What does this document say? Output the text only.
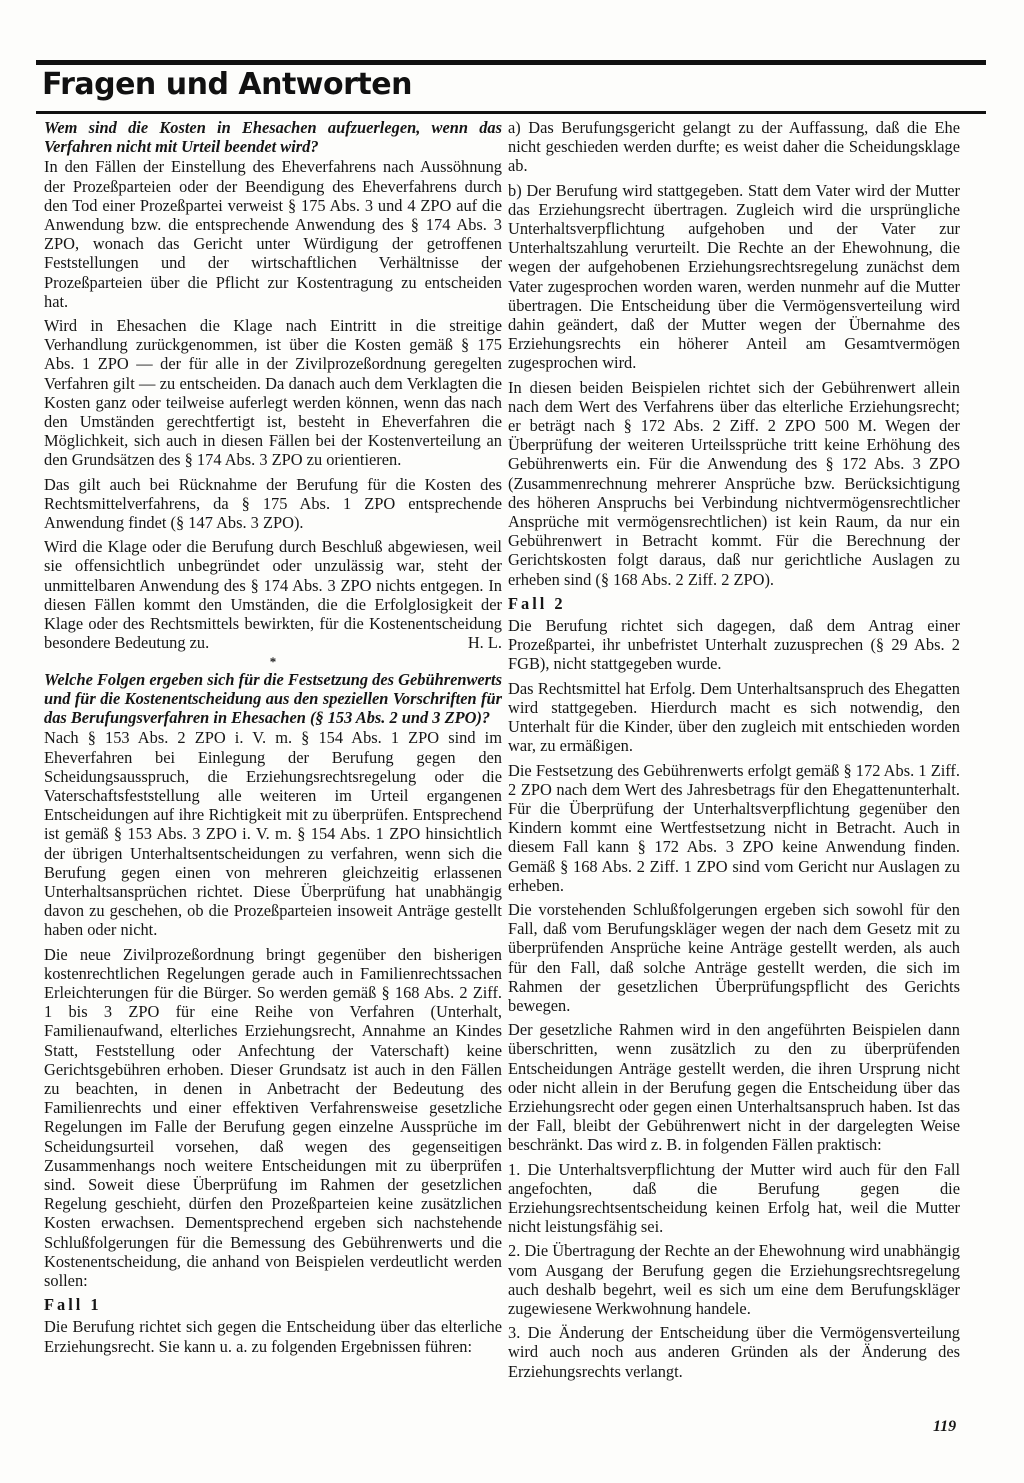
Fragen und Antworten

Wem sind die Kosten in Ehesachen aufzuerlegen, wenn das Verfahren nicht mit Urteil beendet wird?

In den Fällen der Einstellung des Eheverfahrens nach Aussöhnung der Prozeßparteien oder der Beendigung des Eheverfahrens durch den Tod einer Prozeßpartei verweist § 175 Abs. 3 und 4 ZPO auf die Anwendung bzw. die entsprechende Anwendung des § 174 Abs. 3 ZPO, wonach das Gericht unter Würdigung der getroffenen Feststellungen und der wirtschaftlichen Verhältnisse der Prozeßparteien über die Pflicht zur Kostentragung zu entscheiden hat.

Wird in Ehesachen die Klage nach Eintritt in die streitige Verhandlung zurückgenommen, ist über die Kosten gemäß § 175 Abs. 1 ZPO — der für alle in der Zivilprozeßordnung geregelten Verfahren gilt — zu entscheiden. Da danach auch dem Verklagten die Kosten ganz oder teilweise auferlegt werden können, wenn das nach den Umständen gerechtfertigt ist, besteht in Eheverfahren die Möglichkeit, sich auch in diesen Fällen bei der Kostenverteilung an den Grundsätzen des § 174 Abs. 3 ZPO zu orientieren.

Das gilt auch bei Rücknahme der Berufung für die Kosten des Rechtsmittelverfahrens, da § 175 Abs. 1 ZPO entsprechende Anwendung findet (§ 147 Abs. 3 ZPO).

Wird die Klage oder die Berufung durch Beschluß abgewiesen, weil sie offensichtlich unbegründet oder unzulässig war, steht der unmittelbaren Anwendung des § 174 Abs. 3 ZPO nichts entgegen. In diesen Fällen kommt den Umständen, die die Erfolglosigkeit der Klage oder des Rechtsmittels bewirkten, für die Kostenentscheidung besondere Bedeutung zu.	H. L.

*

Welche Folgen ergeben sich für die Festsetzung des Gebührenwerts und für die Kostenentscheidung aus den speziellen Vorschriften für das Berufungsverfahren in Ehesachen (§ 153 Abs. 2 und 3 ZPO)?

Nach § 153 Abs. 2 ZPO i. V. m. § 154 Abs. 1 ZPO sind im Eheverfahren bei Einlegung der Berufung gegen den Scheidungsausspruch, die Erziehungsrechtsregelung oder die Vaterschaftsfeststellung alle weiteren im Urteil ergangenen Entscheidungen auf ihre Richtigkeit mit zu überprüfen. Entsprechend ist gemäß § 153 Abs. 3 ZPO i. V. m. § 154 Abs. 1 ZPO hinsichtlich der übrigen Unterhaltsentscheidungen zu verfahren, wenn sich die Berufung gegen einen von mehreren gleichzeitig erlassenen Unterhaltsansprüchen richtet. Diese Überprüfung hat unabhängig davon zu geschehen, ob die Prozeßparteien insoweit Anträge gestellt haben oder nicht.

Die neue Zivilprozeßordnung bringt gegenüber den bisherigen kostenrechtlichen Regelungen gerade auch in Familienrechtssachen Erleichterungen für die Bürger. So werden gemäß § 168 Abs. 2 Ziff. 1 bis 3 ZPO für eine Reihe von Verfahren (Unterhalt, Familienaufwand, elterliches Erziehungsrecht, Annahme an Kindes Statt, Feststellung oder Anfechtung der Vaterschaft) keine Gerichtsgebühren erhoben. Dieser Grundsatz ist auch in den Fällen zu beachten, in denen in Anbetracht der Bedeutung des Familienrechts und einer effektiven Verfahrensweise gesetzliche Regelungen im Falle der Berufung gegen einzelne Aussprüche im Scheidungsurteil vorsehen, daß wegen des gegenseitigen Zusammenhangs noch weitere Entscheidungen mit zu überprüfen sind. Soweit diese Überprüfung im Rahmen der gesetzlichen Regelung geschieht, dürfen den Prozeßparteien keine zusätzlichen Kosten erwachsen. Dementsprechend ergeben sich nachstehende Schlußfolgerungen für die Bemessung des Gebührenwerts und die Kostenentscheidung, die anhand von Beispielen verdeutlicht werden sollen:

Fall 1

Die Berufung richtet sich gegen die Entscheidung über das elterliche Erziehungsrecht. Sie kann u. a. zu folgenden Ergebnissen führen:

a) Das Berufungsgericht gelangt zu der Auffassung, daß die Ehe nicht geschieden werden durfte; es weist daher die Scheidungsklage ab.

b) Der Berufung wird stattgegeben. Statt dem Vater wird der Mutter das Erziehungsrecht übertragen. Zugleich wird die ursprüngliche Unterhaltsverpflichtung aufgehoben und der Vater zur Unterhaltszahlung verurteilt. Die Rechte an der Ehewohnung, die wegen der aufgehobenen Erziehungsrechtsregelung zunächst dem Vater zugesprochen worden waren, werden nunmehr auf die Mutter übertragen. Die Entscheidung über die Vermögensverteilung wird dahin geändert, daß der Mutter wegen der Übernahme des Erziehungsrechts ein höherer Anteil am Gesamtvermögen zugesprochen wird.

In diesen beiden Beispielen richtet sich der Gebührenwert allein nach dem Wert des Verfahrens über das elterliche Erziehungsrecht; er beträgt nach § 172 Abs. 2 Ziff. 2 ZPO 500 M. Wegen der Überprüfung der weiteren Urteilssprüche tritt keine Erhöhung des Gebührenwerts ein. Für die Anwendung des § 172 Abs. 3 ZPO (Zusammenrechnung mehrerer Ansprüche bzw. Berücksichtigung des höheren Anspruchs bei Verbindung nichtvermögensrechtlicher Ansprüche mit vermögensrechtlichen) ist kein Raum, da nur ein Gebührenwert in Betracht kommt. Für die Berechnung der Gerichtskosten folgt daraus, daß nur gerichtliche Auslagen zu erheben sind (§ 168 Abs. 2 Ziff. 2 ZPO).

Fall 2

Die Berufung richtet sich dagegen, daß dem Antrag einer Prozeßpartei, ihr unbefristet Unterhalt zuzusprechen (§ 29 Abs. 2 FGB), nicht stattgegeben wurde.

Das Rechtsmittel hat Erfolg. Dem Unterhaltsanspruch des Ehegatten wird stattgegeben. Hierdurch macht es sich notwendig, den Unterhalt für die Kinder, über den zugleich mit entschieden worden war, zu ermäßigen.

Die Festsetzung des Gebührenwerts erfolgt gemäß § 172 Abs. 1 Ziff. 2 ZPO nach dem Wert des Jahresbetrags für den Ehegattenunterhalt. Für die Überprüfung der Unterhaltsverpflichtung gegenüber den Kindern kommt eine Wertfestsetzung nicht in Betracht. Auch in diesem Fall kann § 172 Abs. 3 ZPO keine Anwendung finden. Gemäß § 168 Abs. 2 Ziff. 1 ZPO sind vom Gericht nur Auslagen zu erheben.

Die vorstehenden Schlußfolgerungen ergeben sich sowohl für den Fall, daß vom Berufungskläger wegen der nach dem Gesetz mit zu überprüfenden Ansprüche keine Anträge gestellt werden, als auch für den Fall, daß solche Anträge gestellt werden, die sich im Rahmen der gesetzlichen Überprüfungspflicht des Gerichts bewegen.

Der gesetzliche Rahmen wird in den angeführten Beispielen dann überschritten, wenn zusätzlich zu den zu überprüfenden Entscheidungen Anträge gestellt werden, die ihren Ursprung nicht oder nicht allein in der Berufung gegen die Entscheidung über das Erziehungsrecht oder gegen einen Unterhaltsanspruch haben. Ist das der Fall, bleibt der Gebührenwert nicht in der dargelegten Weise beschränkt. Das wird z. B. in folgenden Fällen praktisch:

1. Die Unterhaltsverpflichtung der Mutter wird auch für den Fall angefochten, daß die Berufung gegen die Erziehungsrechtsentscheidung keinen Erfolg hat, weil die Mutter nicht leistungsfähig sei.

2. Die Übertragung der Rechte an der Ehewohnung wird unabhängig vom Ausgang der Berufung gegen die Erziehungsrechtsregelung auch deshalb begehrt, weil es sich um eine dem Berufungskläger zugewiesene Werkwohnung handele.

3. Die Änderung der Entscheidung über die Vermögensverteilung wird auch noch aus anderen Gründen als der Änderung des Erziehungsrechts verlangt.

119
